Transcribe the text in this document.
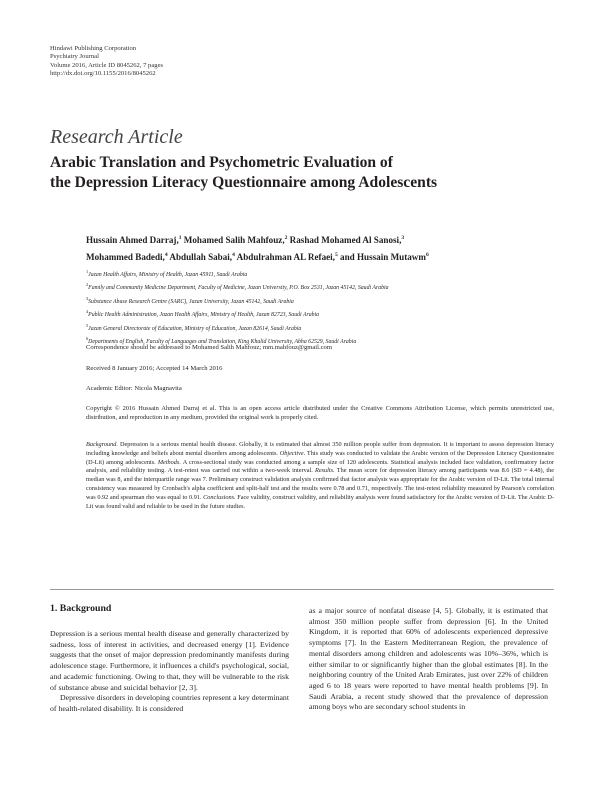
Hindawi Publishing Corporation
Psychiatry Journal
Volume 2016, Article ID 8045262, 7 pages
http://dx.doi.org/10.1155/2016/8045262
Research Article
Arabic Translation and Psychometric Evaluation of
the Depression Literacy Questionnaire among Adolescents
Hussain Ahmed Darraj,$^1$ Mohamed Salih Mahfouz,$^2$ Rashad Mohamed Al Sanosi,$^3$
Mohammed Badedi,$^4$ Abdullah Sabai,$^4$ Abdulrahman AL Refaei,$^5$ and Hussain Mutawm$^6$
$^1$Jazan Health Affairs, Ministry of Health, Jazan 45911, Saudi Arabia
$^2$Family and Community Medicine Department, Faculty of Medicine, Jazan University, P.O. Box 2531, Jazan 45142, Saudi Arabia
$^3$Substance Abuse Research Centre (SARC), Jazan University, Jazan 45142, Saudi Arabia
$^4$Public Health Administration, Jazan Health Affairs, Ministry of Health, Jazan 82723, Saudi Arabia
$^5$Jazan General Directorate of Education, Ministry of Education, Jazan 82614, Saudi Arabia
$^6$Departments of English, Faculty of Languages and Translation, King Khalid University, Abha 62529, Saudi Arabia
Correspondence should be addressed to Mohamed Salih Mahfouz; mm.mahfouz@gmail.com
Received 8 January 2016; Accepted 14 March 2016
Academic Editor: Nicola Magnavita
Copyright © 2016 Hussain Ahmed Darraj et al. This is an open access article distributed under the Creative Commons Attribution License, which permits unrestricted use, distribution, and reproduction in any medium, provided the original work is properly cited.
Background. Depression is a serious mental health disease. Globally, it is estimated that almost 350 million people suffer from depression. It is important to assess depression literacy including knowledge and beliefs about mental disorders among adolescents. Objective. This study was conducted to validate the Arabic version of the Depression Literacy Questionnaire (D-Lit) among adolescents. Methods. A cross-sectional study was conducted among a sample size of 120 adolescents. Statistical analysis included face validation, confirmatory factor analysis, and reliability testing. A test-retest was carried out within a two-week interval. Results. The mean score for depression literacy among participants was 8.6 (SD = 4.48), the median was 8, and the interquartile range was 7. Preliminary construct validation analysis confirmed that factor analysis was appropriate for the Arabic version of D-Lit. The total internal consistency was measured by Cronbach's alpha coefficient and split-half test and the results were 0.78 and 0.71, respectively. The test-retest reliability measured by Pearson's correlation was 0.92 and spearman rho was equal to 0.91. Conclusions. Face validity, construct validity, and reliability analysis were found satisfactory for the Arabic version of D-Lit. The Arabic D-Lit was found valid and reliable to be used in the future studies.
1. Background

Depression is a serious mental health disease and generally characterized by sadness, loss of interest in activities, and decreased energy [1]. Evidence suggests that the onset of major depression predominantly manifests during adolescence stage. Furthermore, it influences a child's psychological, social, and academic functioning. Owing to that, they will be vulnerable to the risk of substance abuse and suicidal behavior [2, 3].

Depressive disorders in developing countries represent a key determinant of health-related disability. It is considered

as a major source of nonfatal disease [4, 5]. Globally, it is estimated that almost 350 million people suffer from depression [6]. In the United Kingdom, it is reported that 60% of adolescents experienced depressive symptoms [7]. In the Eastern Mediterranean Region, the prevalence of mental disorders among children and adolescents was 10%–36%, which is either similar to or significantly higher than the global estimates [8]. In the neighboring country of the United Arab Emirates, just over 22% of children aged 6 to 18 years were reported to have mental health problems [9]. In Saudi Arabia, a recent study showed that the prevalence of depression among boys who are secondary school students in
